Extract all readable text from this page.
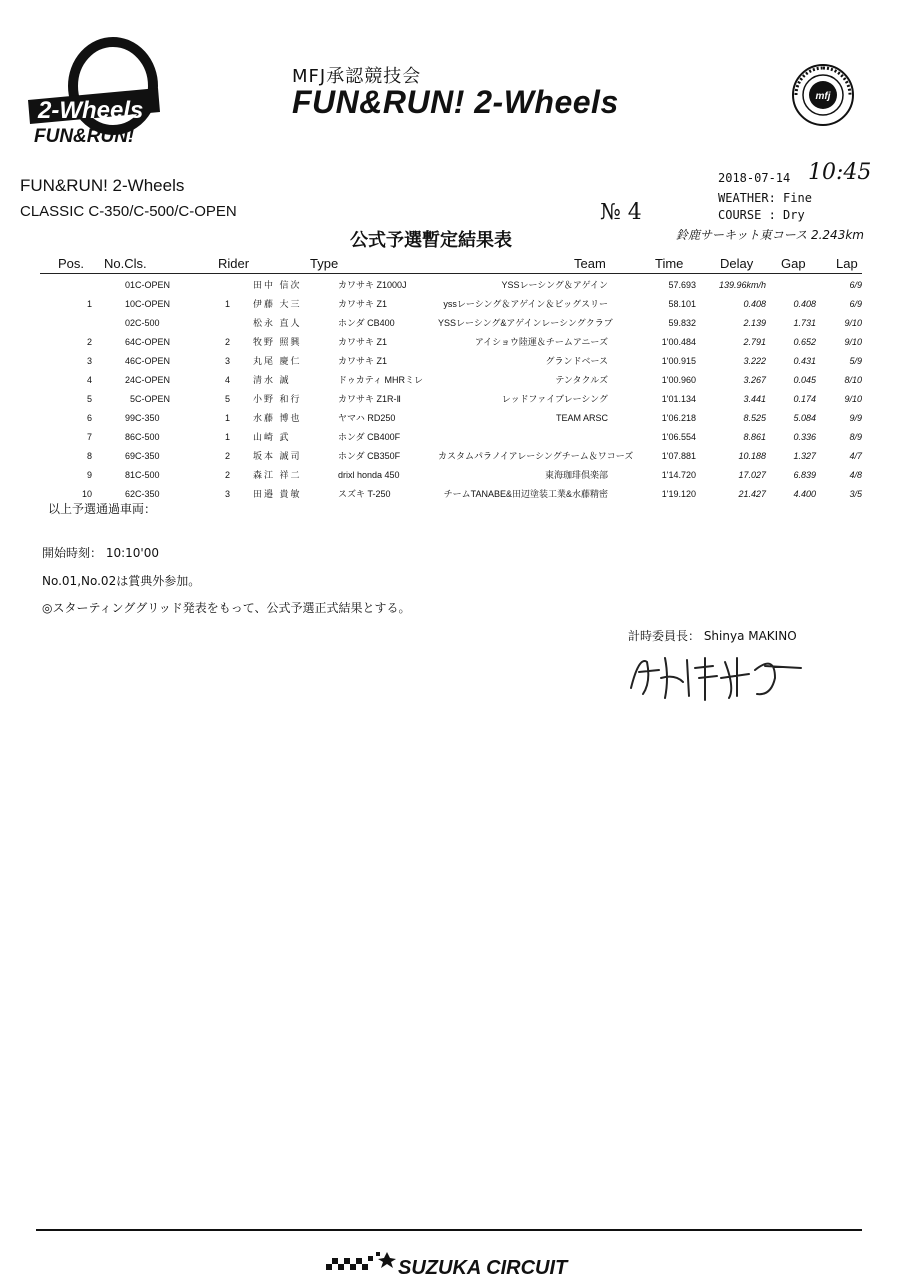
2-Wheels
FUN&RUN!
MFJ承認競技会
FUN&RUN! 2-Wheels	mfj
FUN&RUN! 2-Wheels
CLASSIC C-350/C-500/C-OPEN
公式予選暫定結果表
№ 4
2018-07-14 10:45
WEATHER: Fine
COURSE : Dry
鈴鹿サーキット東コース 2.243km
Pos. No.Cls.	Rider	Type	Team	Time	Delay Gap Lap
	01	C-OPEN		田中 信次	カワサキ Z1000J	YSSレーシング＆アゲイン	57.693	139.96km/h		6/9
1	10	C-OPEN	1	伊藤 大三	カワサキ Z1	yssレーシング＆アゲイン＆ビッグスリー	58.101	0.408	0.408	6/9
	02	C-500		松永 直人	ホンダ CB400	YSSレーシング&アゲインレーシングクラブ	59.832	2.139	1.731	9/10
2	64	C-OPEN	2	牧野 照興	カワサキ Z1	アイショウ陸運＆チームアニーズ	1'00.484	2.791	0.652	9/10
3	46	C-OPEN	3	丸尾 慶仁	カワサキ Z1	グランドベース	1'00.915	3.222	0.431	5/9
4	24	C-OPEN	4	清水 誠	ドゥカティ MHRミレ	テンタクルズ	1'00.960	3.267	0.045	8/10
5	5	C-OPEN	5	小野 和行	カワサキ Z1R-Ⅱ	レッドファイブレーシング	1'01.134	3.441	0.174	9/10
6	99	C-350	1	水藤 博也	ヤマハ RD250	TEAM ARSC	1'06.218	8.525	5.084	9/9
7	86	C-500	1	山崎 武	ホンダ CB400F		1'06.554	8.861	0.336	8/9
8	69	C-350	2	坂本 誠司	ホンダ CB350F	カスタムパラノイアレーシングチーム＆ワコーズ	1'07.881	10.188	1.327	4/7
9	81	C-500	2	森江 祥二	drixl honda 450	東海珈琲倶楽部	1'14.720	17.027	6.839	4/8
10	62	C-350	3	田邉 貴敏	スズキ T-250	チームTANABE&田辺塗装工業&水藤精密	1'19.120	21.427	4.400	3/5
以上予選通過車両：
開始時刻： 10:10'00
No.01,No.02は賞典外参加。
◎スターティンググリッド発表をもって、公式予選正式結果とする。
計時委員長： Shinya MAKINO
SUZUKA CIRCUIT
